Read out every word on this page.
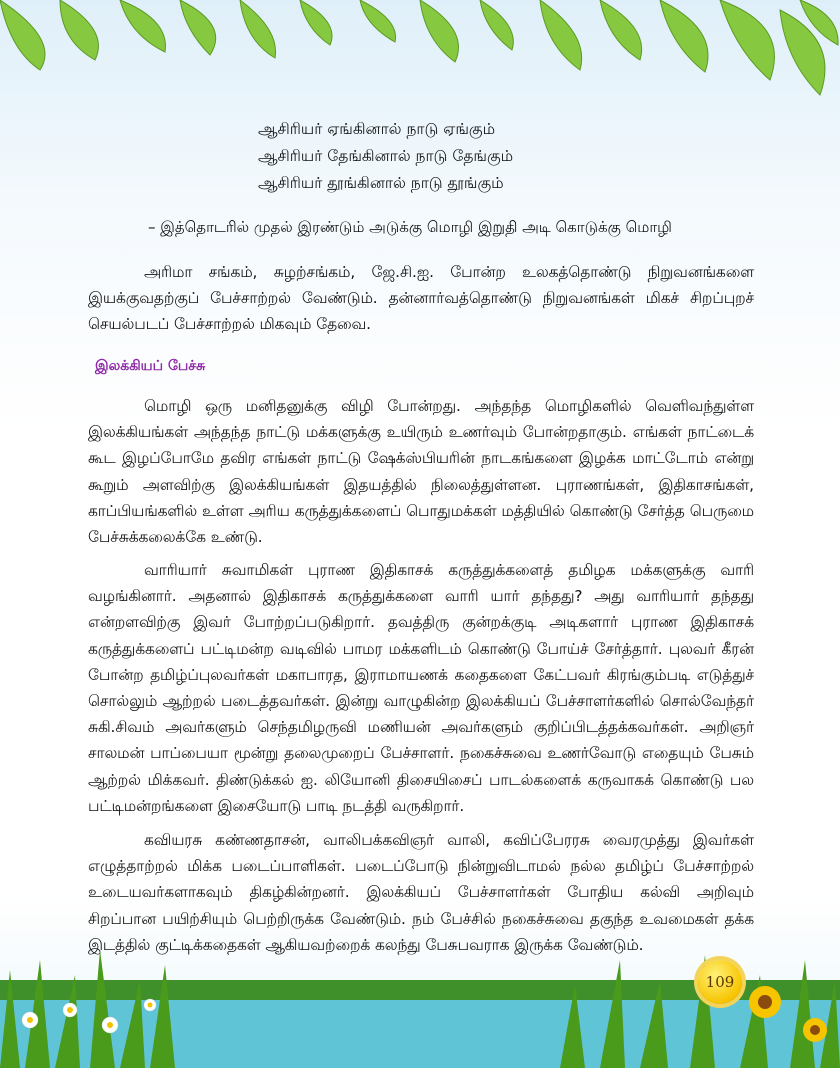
ஆசிரியர் ஏங்கினால் நாடு ஏங்கும்
ஆசிரியர் தேங்கினால் நாடு தேங்கும்
ஆசிரியர் தூங்கினால் நாடு தூங்கும்
– இத்தொடரில் முதல் இரண்டும் அடுக்கு மொழி இறுதி அடி கொடுக்கு மொழி

அரிமா சங்கம், சுழற்சங்கம், ஜே.சி.ஐ. போன்ற உலகத்தொண்டு நிறுவனங்களை இயக்குவதற்குப் பேச்சாற்றல் வேண்டும். தன்னார்வத்தொண்டு நிறுவனங்கள் மிகச் சிறப்புறச் செயல்படப் பேச்சாற்றல் மிகவும் தேவை.

இலக்கியப் பேச்சு

மொழி ஒரு மனிதனுக்கு விழி போன்றது. அந்தந்த மொழிகளில் வெளிவந்துள்ள இலக்கியங்கள் அந்தந்த நாட்டு மக்களுக்கு உயிரும் உணர்வும் போன்றதாகும். எங்கள் நாட்டைக் கூட இழப்போமே தவிர எங்கள் நாட்டு ஷேக்ஸ்பியரின் நாடகங்களை இழக்க மாட்டோம் என்று கூறும் அளவிற்கு இலக்கியங்கள் இதயத்தில் நிலைத்துள்ளன. புராணங்கள், இதிகாசங்கள், காப்பியங்களில் உள்ள அரிய கருத்துக்களைப் பொதுமக்கள் மத்தியில் கொண்டு சேர்த்த பெருமை பேச்சுக்கலைக்கே உண்டு.

வாரியார் சுவாமிகள் புராண இதிகாசக் கருத்துக்களைத் தமிழக மக்களுக்கு வாரி வழங்கினார். அதனால் இதிகாசக் கருத்துக்களை வாரி யார் தந்தது? அது வாரியார் தந்தது என்றளவிற்கு இவர் போற்றப்படுகிறார். தவத்திரு குன்றக்குடி அடிகளார் புராண இதிகாசக் கருத்துக்களைப் பட்டிமன்ற வடிவில் பாமர மக்களிடம் கொண்டு போய்ச் சேர்த்தார். புலவர் கீரன் போன்ற தமிழ்ப்புலவர்கள் மகாபாரத, இராமாயணக் கதைகளை கேட்பவர் கிரங்கும்படி எடுத்துச் சொல்லும் ஆற்றல் படைத்தவர்கள். இன்று வாழுகின்ற இலக்கியப் பேச்சாளர்களில் சொல்வேந்தர் சுகி.சிவம் அவர்களும் செந்தமிழருவி மணியன் அவர்களும் குறிப்பிடத்தக்கவர்கள். அறிஞர் சாலமன் பாப்பையா மூன்று தலைமுறைப் பேச்சாளர். நகைச்சுவை உணர்வோடு எதையும் பேசும் ஆற்றல் மிக்கவர். திண்டுக்கல் ஐ. லியோனி திசையிசைப் பாடல்களைக் கருவாகக் கொண்டு பல பட்டிமன்றங்களை இசையோடு பாடி நடத்தி வருகிறார்.

கவியரசு கண்ணதாசன், வாலிபக்கவிஞர் வாலி, கவிப்பேரரசு வைரமுத்து இவர்கள் எழுத்தாற்றல் மிக்க படைப்பாளிகள். படைப்போடு நின்றுவிடாமல் நல்ல தமிழ்ப் பேச்சாற்றல் உடையவர்களாகவும் திகழ்கின்றனர். இலக்கியப் பேச்சாளர்கள் போதிய கல்வி அறிவும் சிறப்பான பயிற்சியும் பெற்றிருக்க வேண்டும். நம் பேச்சில் நகைச்சுவை தகுந்த உவமைகள் தக்க இடத்தில் குட்டிக்கதைகள் ஆகியவற்றைக் கலந்து பேசுபவராக இருக்க வேண்டும்.

109
